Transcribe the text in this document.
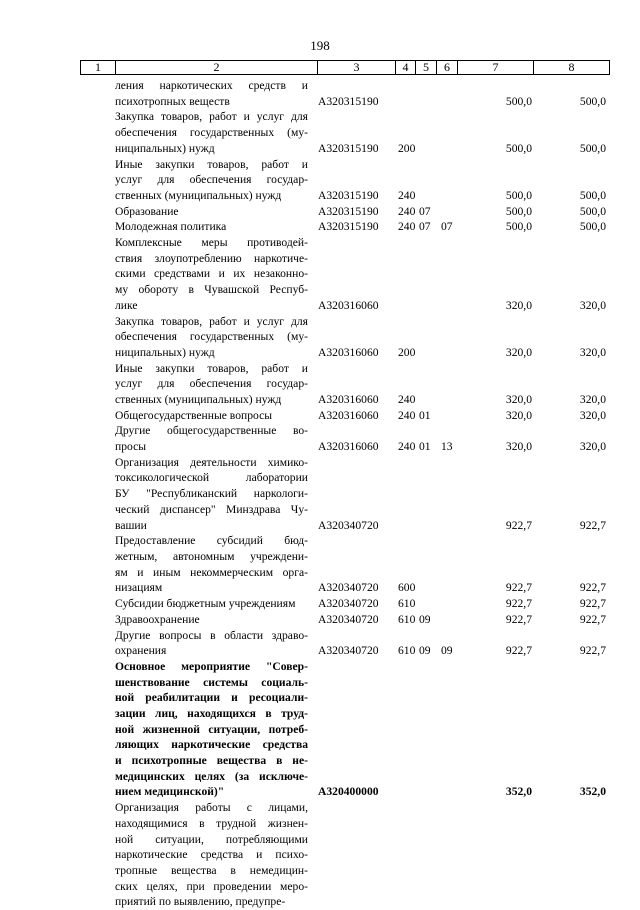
198
1	2	3	4	5	6	7	8
ления наркотических средств и
психотропных веществ	А320315190	500,0	500,0
Закупка товаров, работ и услуг для
обеспечения государственных (му-
ниципальных) нужд	А320315190 200	500,0	500,0
Иные закупки товаров, работ и
услуг для обеспечения государ-
ственных (муниципальных) нужд	А320315190 240	500,0	500,0
Образование	А320315190 240 07	500,0	500,0
Молодежная политика	А320315190 240 07 07	500,0	500,0
Комплексные меры противодей-
ствия злоупотреблению наркотиче-
скими средствами и их незаконно-
му обороту в Чувашской Респуб-
лике	А320316060	320,0	320,0
Закупка товаров, работ и услуг для
обеспечения государственных (му-
ниципальных) нужд	А320316060 200	320,0	320,0
Иные закупки товаров, работ и
услуг для обеспечения государ-
ственных (муниципальных) нужд	А320316060 240	320,0	320,0
Общегосударственные вопросы	А320316060 240 01	320,0	320,0
Другие общегосударственные во-
просы	А320316060 240 01 13	320,0	320,0
Организация деятельности химико-
токсикологической лаборатории
БУ "Республиканский наркологи-
ческий диспансер" Минздрава Чу-
вашии	А320340720	922,7	922,7
Предоставление субсидий бюд-
жетным, автономным учреждени-
ям и иным некоммерческим орга-
низациям	А320340720 600	922,7	922,7
Субсидии бюджетным учреждениям	А320340720 610	922,7	922,7
Здравоохранение	А320340720 610 09	922,7	922,7
Другие вопросы в области здраво-
охранения	А320340720 610 09 09	922,7	922,7
Основное мероприятие "Совер-
шенствование системы социаль-
ной реабилитации и ресоциали-
зации лиц, находящихся в труд-
ной жизненной ситуации, потреб-
ляющих наркотические средства
и психотропные вещества в не-
медицинских целях (за исключе-
нием медицинской)"	А320400000	352,0	352,0
Организация работы с лицами,
находящимися в трудной жизнен-
ной ситуации, потребляющими
наркотические средства и психо-
тропные вещества в немедицин-
ских целях, при проведении меро-
приятий по выявлению, предупре-
